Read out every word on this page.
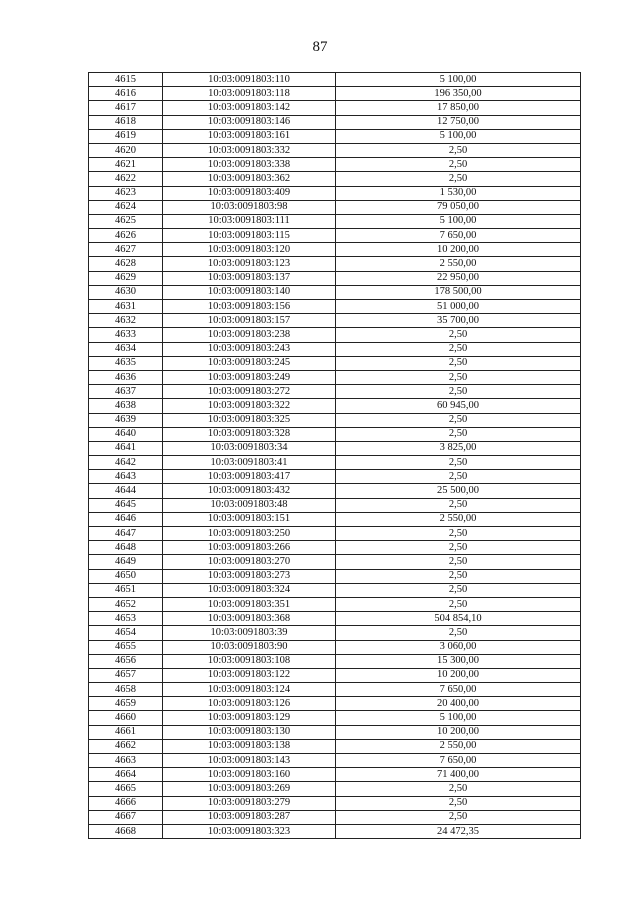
87
4615	10:03:0091803:110	5 100,00
4616	10:03:0091803:118	196 350,00
4617	10:03:0091803:142	17 850,00
4618	10:03:0091803:146	12 750,00
4619	10:03:0091803:161	5 100,00
4620	10:03:0091803:332	2,50
4621	10:03:0091803:338	2,50
4622	10:03:0091803:362	2,50
4623	10:03:0091803:409	1 530,00
4624	10:03:0091803:98	79 050,00
4625	10:03:0091803:111	5 100,00
4626	10:03:0091803:115	7 650,00
4627	10:03:0091803:120	10 200,00
4628	10:03:0091803:123	2 550,00
4629	10:03:0091803:137	22 950,00
4630	10:03:0091803:140	178 500,00
4631	10:03:0091803:156	51 000,00
4632	10:03:0091803:157	35 700,00
4633	10:03:0091803:238	2,50
4634	10:03:0091803:243	2,50
4635	10:03:0091803:245	2,50
4636	10:03:0091803:249	2,50
4637	10:03:0091803:272	2,50
4638	10:03:0091803:322	60 945,00
4639	10:03:0091803:325	2,50
4640	10:03:0091803:328	2,50
4641	10:03:0091803:34	3 825,00
4642	10:03:0091803:41	2,50
4643	10:03:0091803:417	2,50
4644	10:03:0091803:432	25 500,00
4645	10:03:0091803:48	2,50
4646	10:03:0091803:151	2 550,00
4647	10:03:0091803:250	2,50
4648	10:03:0091803:266	2,50
4649	10:03:0091803:270	2,50
4650	10:03:0091803:273	2,50
4651	10:03:0091803:324	2,50
4652	10:03:0091803:351	2,50
4653	10:03:0091803:368	504 854,10
4654	10:03:0091803:39	2,50
4655	10:03:0091803:90	3 060,00
4656	10:03:0091803:108	15 300,00
4657	10:03:0091803:122	10 200,00
4658	10:03:0091803:124	7 650,00
4659	10:03:0091803:126	20 400,00
4660	10:03:0091803:129	5 100,00
4661	10:03:0091803:130	10 200,00
4662	10:03:0091803:138	2 550,00
4663	10:03:0091803:143	7 650,00
4664	10:03:0091803:160	71 400,00
4665	10:03:0091803:269	2,50
4666	10:03:0091803:279	2,50
4667	10:03:0091803:287	2,50
4668	10:03:0091803:323	24 472,35
